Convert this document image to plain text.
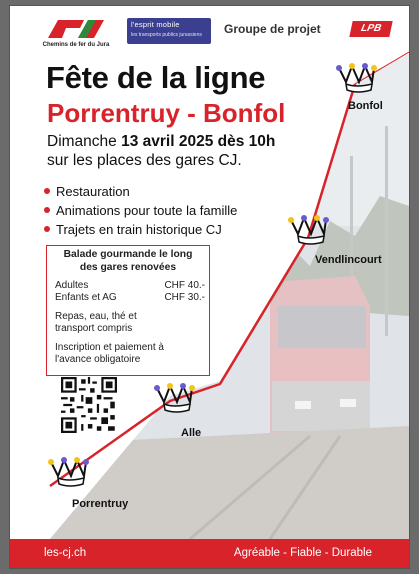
Chemins de fer du Jura
l'esprit mobile
les transports publics jurassiens	Groupe de projet	LPB
Fête de la ligne
Porrentruy - Bonfol
Dimanche 13 avril 2025 dès 10h
sur les places des gares CJ.
Restauration
Animations pour toute la famille
Trajets en train historique CJ
Balade gourmande le long
des gares renovées
Adultes	CHF 40.-
Enfants et AG	CHF 30.-
Repas, eau, thé et
transport compris
Inscription et paiement à
l'avance obligatoire
Bonfol
Vendlincourt
Alle
Porrentruy
les-cj.ch	Agréable - Fiable - Durable
